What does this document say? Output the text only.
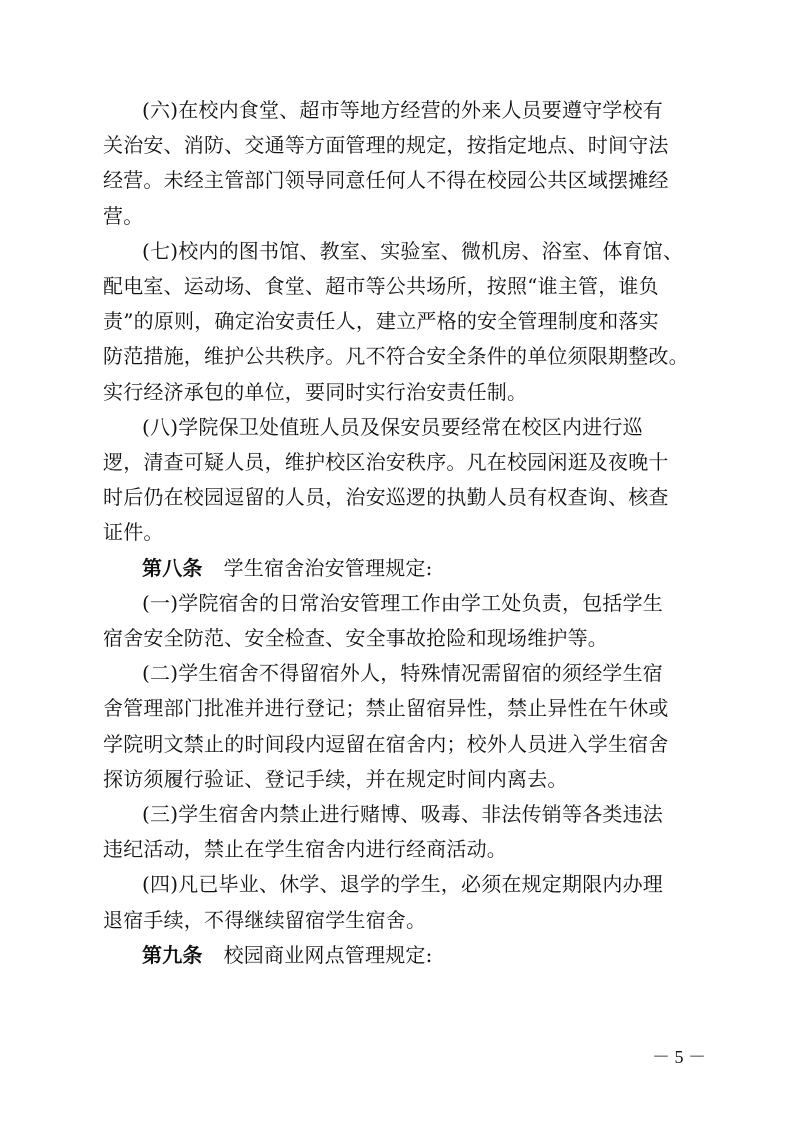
(六)在校内食堂、超市等地方经营的外来人员要遵守学校有
关治安、消防、交通等方面管理的规定，按指定地点、时间守法
经营。未经主管部门领导同意任何人不得在校园公共区域摆摊经
营。

(七)校内的图书馆、教室、实验室、微机房、浴室、体育馆、
配电室、运动场、食堂、超市等公共场所，按照“谁主管，谁负
责”的原则，确定治安责任人，建立严格的安全管理制度和落实
防范措施，维护公共秩序。凡不符合安全条件的单位须限期整改。
实行经济承包的单位，要同时实行治安责任制。

(八)学院保卫处值班人员及保安员要经常在校区内进行巡
逻，清查可疑人员，维护校区治安秩序。凡在校园闲逛及夜晚十
时后仍在校园逗留的人员，治安巡逻的执勤人员有权查询、核查
证件。

第八条 学生宿舍治安管理规定:

(一)学院宿舍的日常治安管理工作由学工处负责，包括学生
宿舍安全防范、安全检查、安全事故抢险和现场维护等。

(二)学生宿舍不得留宿外人，特殊情况需留宿的须经学生宿
舍管理部门批准并进行登记；禁止留宿异性，禁止异性在午休或
学院明文禁止的时间段内逗留在宿舍内；校外人员进入学生宿舍
探访须履行验证、登记手续，并在规定时间内离去。

(三)学生宿舍内禁止进行赌博、吸毒、非法传销等各类违法
违纪活动，禁止在学生宿舍内进行经商活动。

(四)凡已毕业、休学、退学的学生，必须在规定期限内办理
退宿手续，不得继续留宿学生宿舍。

第九条 校园商业网点管理规定:

－ 5 －
